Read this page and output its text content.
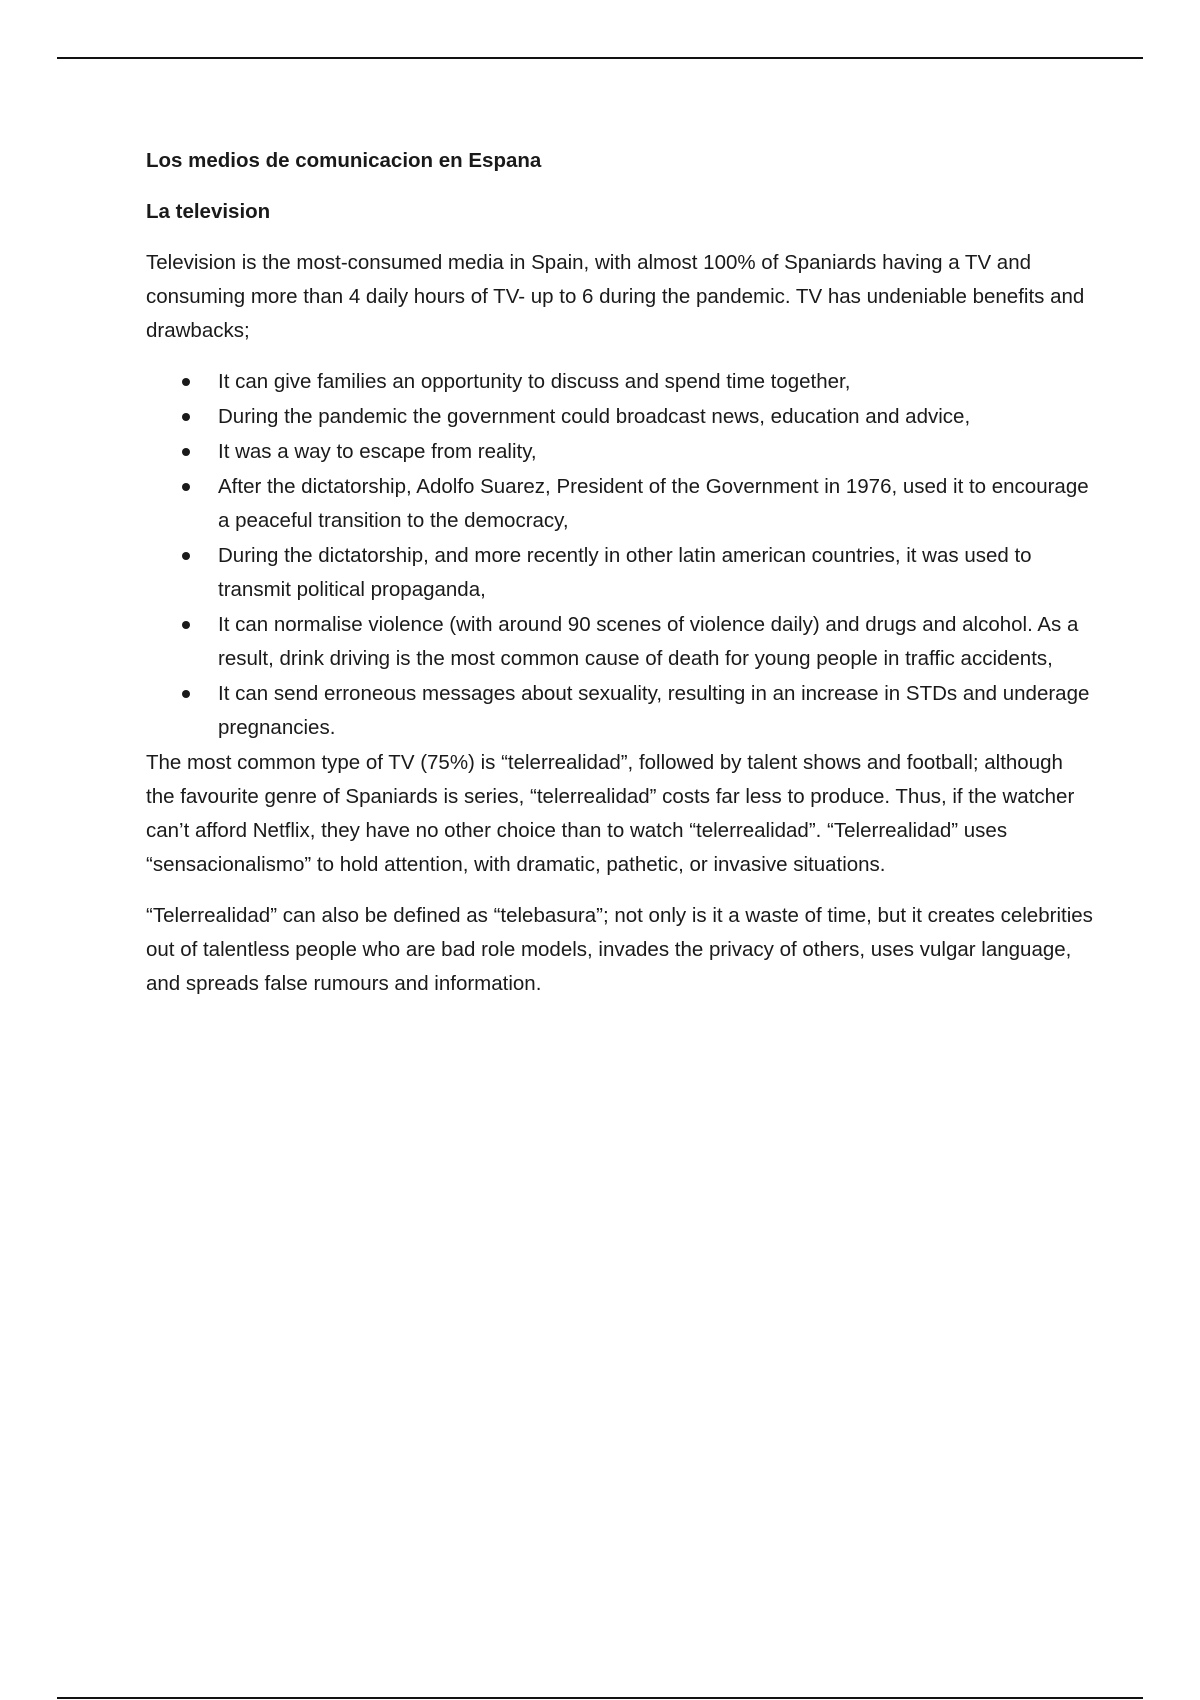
Los medios de comunicacion en Espana

La television

Television is the most-consumed media in Spain, with almost 100% of Spaniards having a TV and consuming more than 4 daily hours of TV- up to 6 during the pandemic. TV has undeniable benefits and drawbacks;

It can give families an opportunity to discuss and spend time together,
During the pandemic the government could broadcast news, education and advice,
It was a way to escape from reality,
After the dictatorship, Adolfo Suarez, President of the Government in 1976, used it to encourage a peaceful transition to the democracy,
During the dictatorship, and more recently in other latin american countries, it was used to transmit political propaganda,
It can normalise violence (with around 90 scenes of violence daily) and drugs and alcohol. As a result, drink driving is the most common cause of death for young people in traffic accidents,
It can send erroneous messages about sexuality, resulting in an increase in STDs and underage pregnancies.

The most common type of TV (75%) is “telerrealidad”, followed by talent shows and football; although the favourite genre of Spaniards is series, “telerrealidad” costs far less to produce. Thus, if the watcher can’t afford Netflix, they have no other choice than to watch “telerrealidad”. “Telerrealidad” uses “sensacionalismo” to hold attention, with dramatic, pathetic, or invasive situations.

“Telerrealidad” can also be defined as “telebasura”; not only is it a waste of time, but it creates celebrities out of talentless people who are bad role models, invades the privacy of others, uses vulgar language, and spreads false rumours and information.
